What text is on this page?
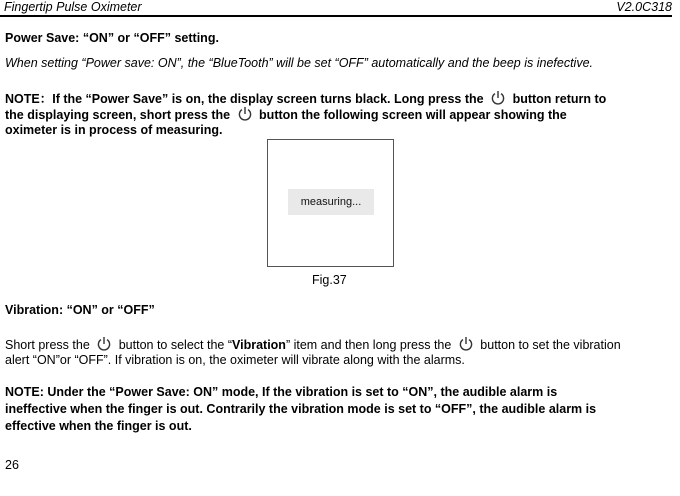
Fingertip Pulse Oximeter	V2.0C318
Power Save: “ON” or “OFF” setting.
When setting “Power save: ON”, the “BlueTooth” will be set “OFF” automatically and the beep is inefective.
NOTE：If the “Power Save” is on, the display screen turns black. Long press the button return to
the displaying screen, short press the button the following screen will appear showing the
oximeter is in process of measuring.
measuring...
Fig.37
Vibration: “ON” or “OFF”
Short press the button to select the “Vibration” item and then long press the button to set the vibration
alert “ON”or “OFF”. If vibration is on, the oximeter will vibrate along with the alarms.
NOTE: Under the “Power Save: ON” mode, If the vibration is set to “ON”, the audible alarm is
ineffective when the finger is out. Contrarily the vibration mode is set to “OFF”, the audible alarm is
effective when the finger is out.
26
